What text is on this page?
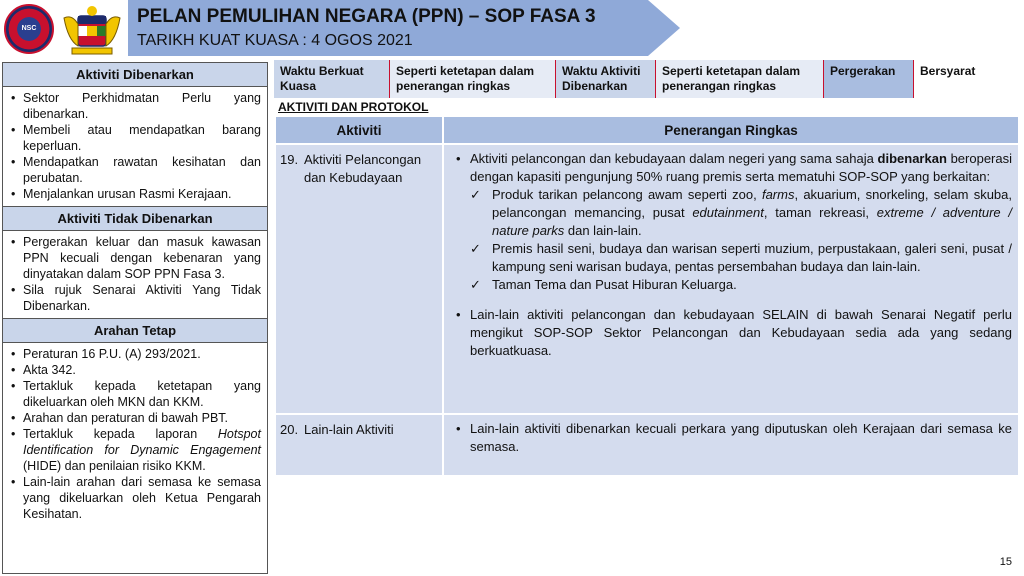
NSC
PELAN PEMULIHAN NEGARA (PPN) – SOP FASA 3
TARIKH KUAT KUASA : 4 OGOS 2021
Aktiviti Dibenarkan
• Sektor Perkhidmatan Perlu yang dibenarkan.
• Membeli atau mendapatkan barang keperluan.
• Mendapatkan rawatan kesihatan dan perubatan.
• Menjalankan urusan Rasmi Kerajaan.
Aktiviti Tidak Dibenarkan
• Pergerakan keluar dan masuk kawasan PPN kecuali dengan kebenaran yang dinyatakan dalam SOP PPN Fasa 3.
• Sila rujuk Senarai Aktiviti Yang Tidak Dibenarkan.
Arahan Tetap
• Peraturan 16 P.U. (A) 293/2021.
• Akta 342.
• Tertakluk kepada ketetapan yang dikeluarkan oleh MKN dan KKM.
• Arahan dan peraturan di bawah PBT.
• Tertakluk kepada laporan Hotspot Identification for Dynamic Engagement (HIDE) dan penilaian risiko KKM.
• Lain-lain arahan dari semasa ke semasa yang dikeluarkan oleh Ketua Pengarah Kesihatan.
Waktu Berkuat Kuasa
Seperti ketetapan dalam penerangan ringkas
Waktu Aktiviti Dibenarkan
Seperti ketetapan dalam penerangan ringkas
Pergerakan	Bersyarat
AKTIVITI DAN PROTOKOL
Aktiviti	Penerangan Ringkas
19. Aktiviti Pelancongan dan Kebudayaan
• Aktiviti pelancongan dan kebudayaan dalam negeri yang sama sahaja dibenarkan beroperasi dengan kapasiti pengunjung 50% ruang premis serta mematuhi SOP-SOP yang berkaitan:
✓ Produk tarikan pelancong awam seperti zoo, farms, akuarium, snorkeling, selam skuba, pelancongan memancing, pusat edutainment, taman rekreasi, extreme / adventure / nature parks dan lain-lain.
✓ Premis hasil seni, budaya dan warisan seperti muzium, perpustakaan, galeri seni, pusat / kampung seni warisan budaya, pentas persembahan budaya dan lain-lain.
✓ Taman Tema dan Pusat Hiburan Keluarga.
• Lain-lain aktiviti pelancongan dan kebudayaan SELAIN di bawah Senarai Negatif perlu mengikut SOP-SOP Sektor Pelancongan dan Kebudayaan sedia ada yang sedang berkuatkuasa.
20. Lain-lain Aktiviti
•	Lain-lain aktiviti dibenarkan kecuali perkara yang diputuskan oleh Kerajaan dari semasa ke semasa.
15
